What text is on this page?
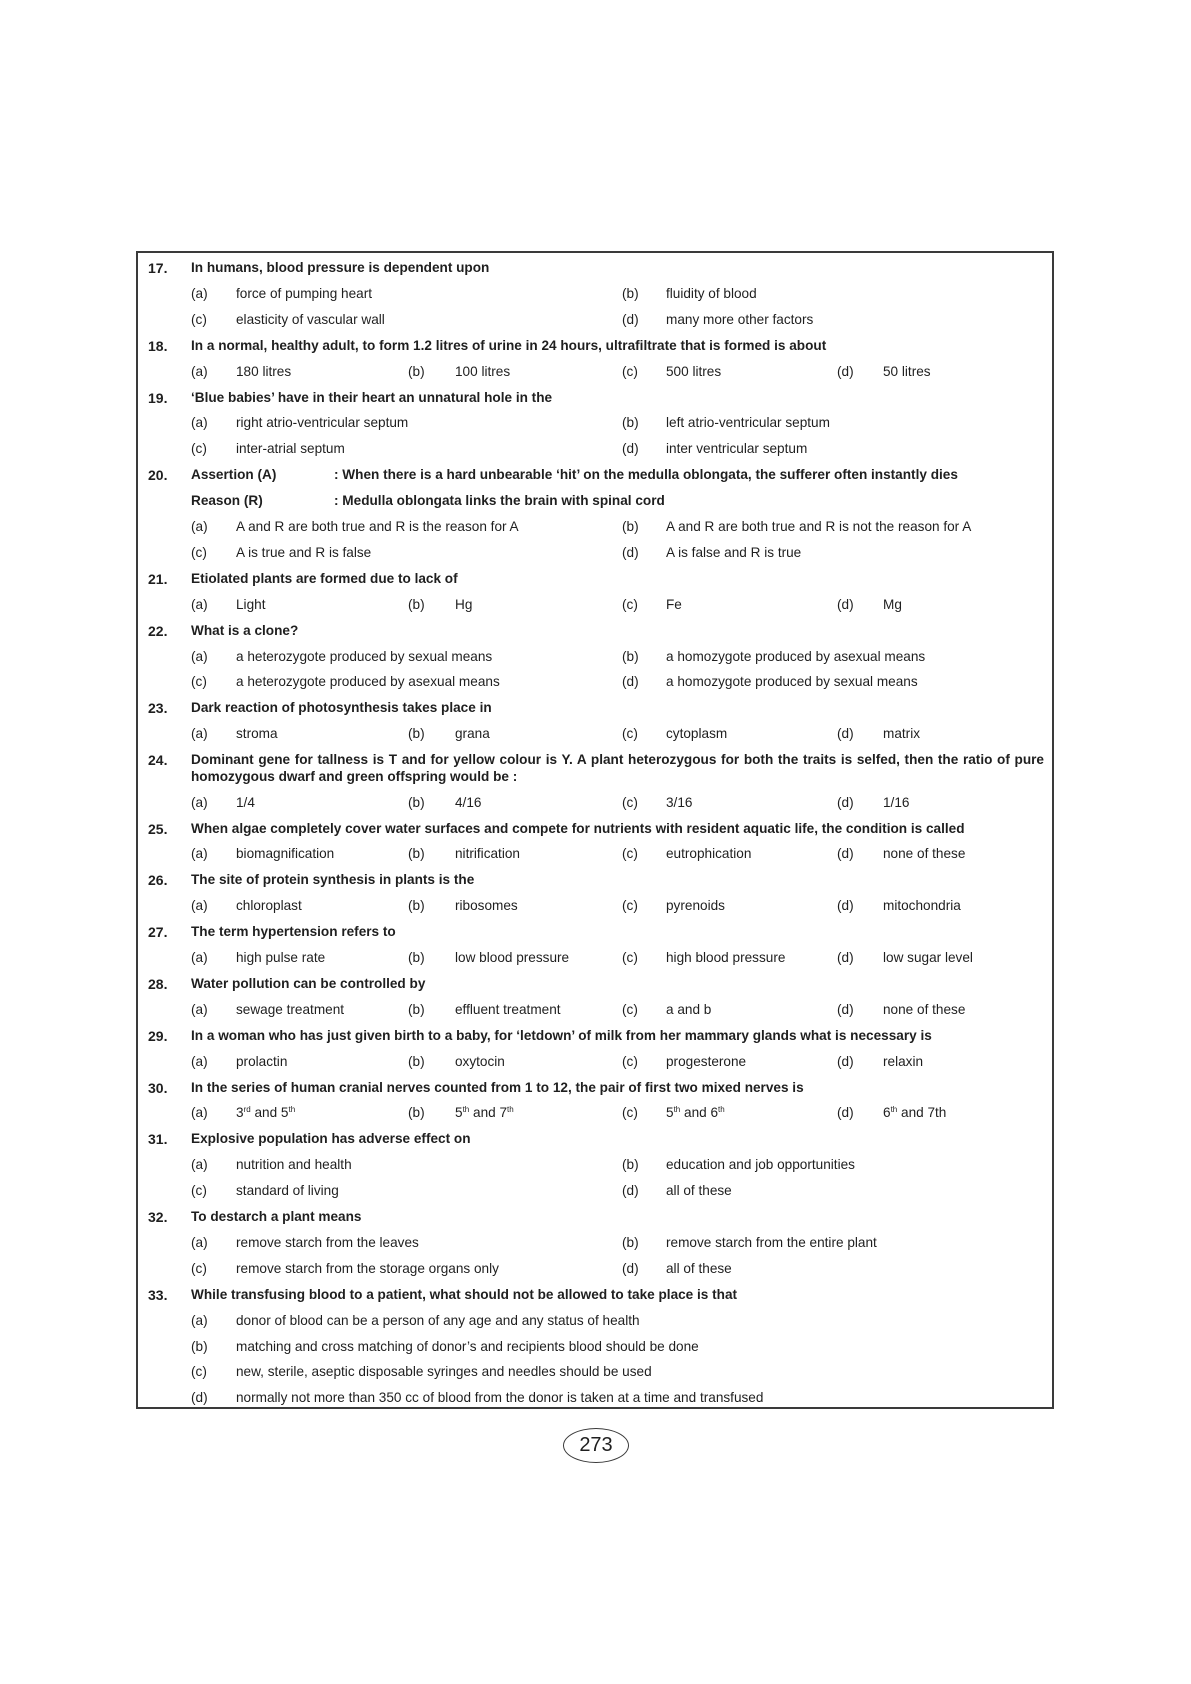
17. In humans, blood pressure is dependent upon
(a) force of pumping heart	(b) fluidity of blood
(c) elasticity of vascular wall	(d) many more other factors
18. In a normal, healthy adult, to form 1.2 litres of urine in 24 hours, ultrafiltrate that is formed is about
(a) 180 litres	(b) 100 litres	(c) 500 litres	(d) 50 litres
19. ‘Blue babies’ have in their heart an unnatural hole in the
(a) right atrio-ventricular septum	(b) left atrio-ventricular septum
(c) inter-atrial septum	(d) inter ventricular septum
20. Assertion (A)	: When there is a hard unbearable ‘hit’ on the medulla oblongata, the sufferer often instantly dies
Reason (R)	: Medulla oblongata links the brain with spinal cord
(a) A and R are both true and R is the reason for A	(b) A and R are both true and R is not the reason for A
(c) A is true and R is false	(d) A is false and R is true
21. Etiolated plants are formed due to lack of
(a) Light	(b) Hg	(c) Fe	(d) Mg
22. What is a clone?
(a) a heterozygote produced by sexual means	(b) a homozygote produced by asexual means
(c) a heterozygote produced by asexual means	(d) a homozygote produced by sexual means
23. Dark reaction of photosynthesis takes place in
(a) stroma	(b) grana	(c) cytoplasm	(d) matrix
24. Dominant gene for tallness is T and for yellow colour is Y. A plant heterozygous for both the traits is selfed, then the ratio of pure homozygous dwarf and green offspring would be :
(a) 1/4	(b) 4/16	(c) 3/16	(d) 1/16
25. When algae completely cover water surfaces and compete for nutrients with resident aquatic life, the condition is called
(a) biomagnification	(b) nitrification	(c) eutrophication	(d) none of these
26. The site of protein synthesis in plants is the
(a) chloroplast	(b) ribosomes	(c) pyrenoids	(d) mitochondria
27. The term hypertension refers to
(a) high pulse rate	(b) low blood pressure	(c) high blood pressure	(d) low sugar level
28. Water pollution can be controlled by
(a) sewage treatment	(b) effluent treatment	(c) a and b	(d) none of these
29. In a woman who has just given birth to a baby, for ‘letdown’ of milk from her mammary glands what is necessary is
(a) prolactin	(b) oxytocin	(c) progesterone	(d) relaxin
30. In the series of human cranial nerves counted from 1 to 12, the pair of first two mixed nerves is
(a) 3rd and 5th	(b) 5th and 7th	(c) 5th and 6th	(d) 6th and 7th
31. Explosive population has adverse effect on
(a) nutrition and health	(b) education and job opportunities
(c) standard of living	(d) all of these
32. To destarch a plant means
(a) remove starch from the leaves	(b) remove starch from the entire plant
(c) remove starch from the storage organs only	(d) all of these
33. While transfusing blood to a patient, what should not be allowed to take place is that
(a) donor of blood can be a person of any age and any status of health
(b) matching and cross matching of donor’s and recipients blood should be done
(c) new, sterile, aseptic disposable syringes and needles should be used
(d) normally not more than 350 cc of blood from the donor is taken at a time and transfused
273
